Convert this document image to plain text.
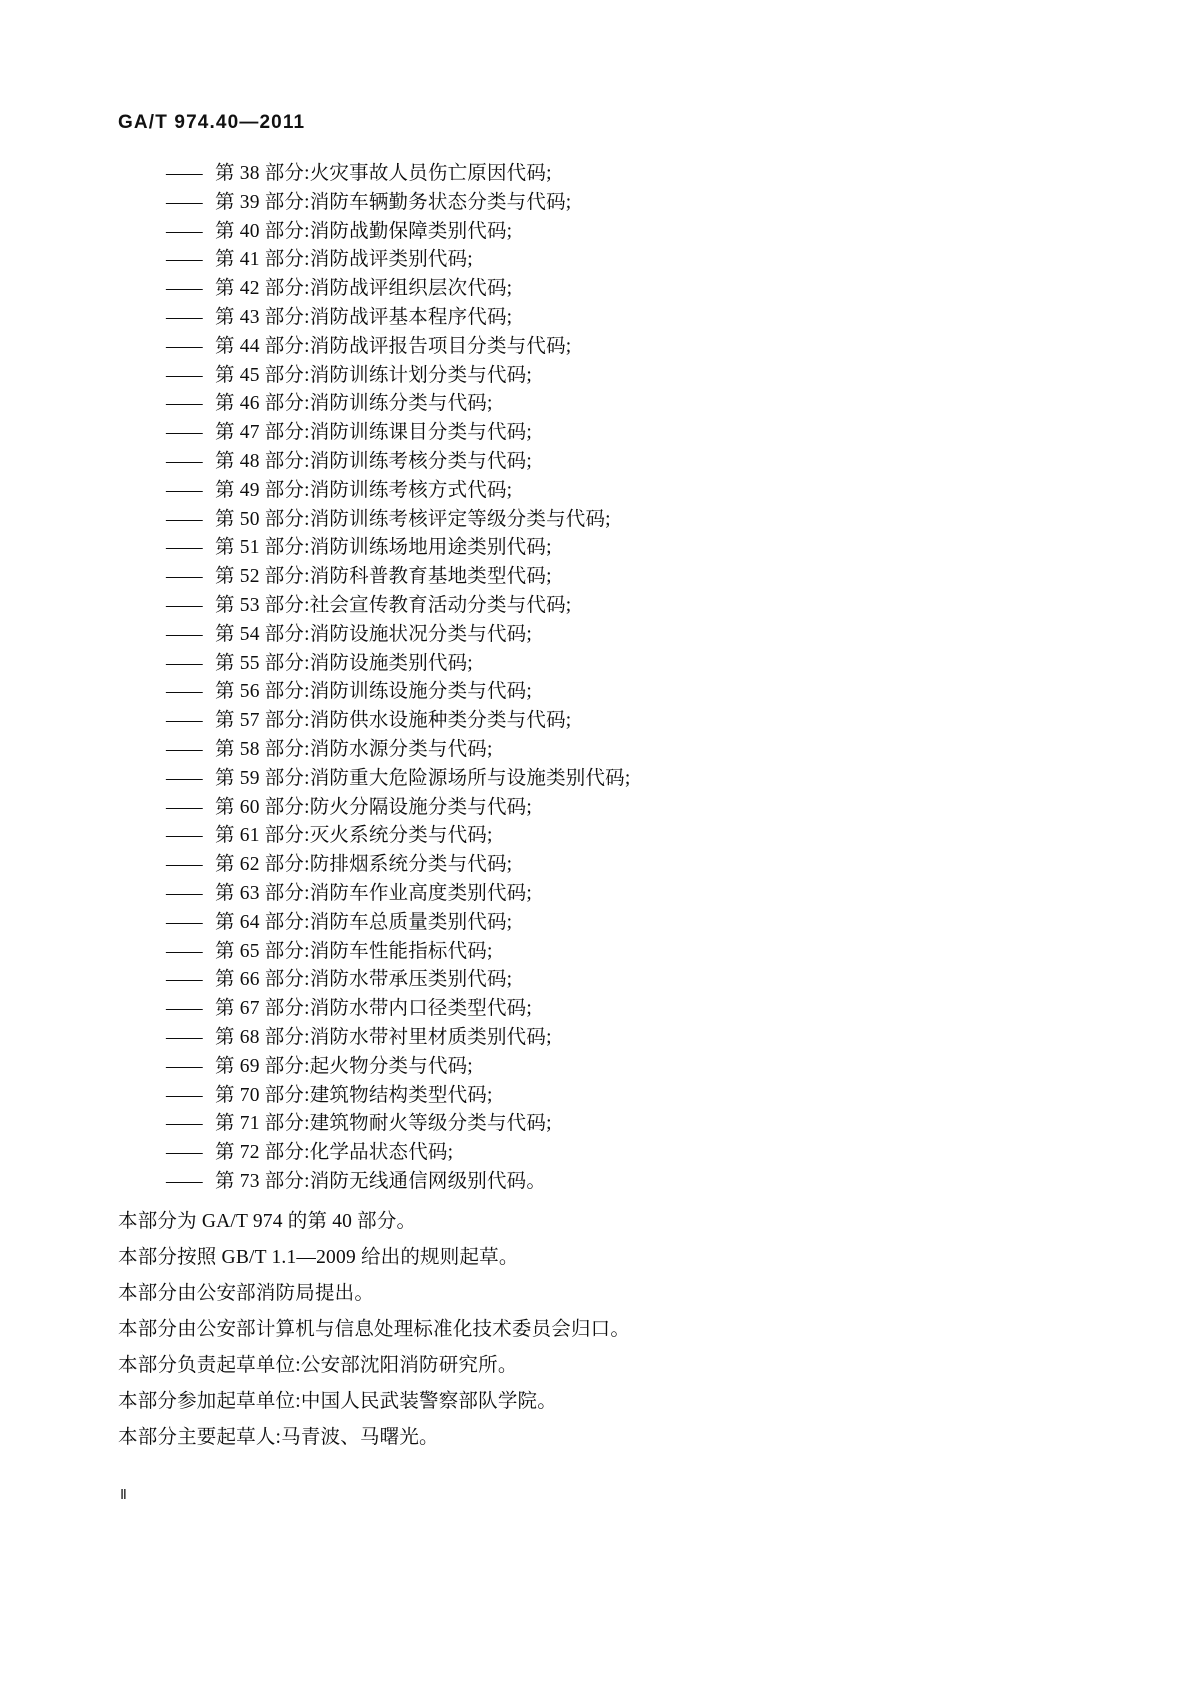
GA/T 974.40—2011
—— 第 38 部分:火灾事故人员伤亡原因代码;
—— 第 39 部分:消防车辆勤务状态分类与代码;
—— 第 40 部分:消防战勤保障类别代码;
—— 第 41 部分:消防战评类别代码;
—— 第 42 部分:消防战评组织层次代码;
—— 第 43 部分:消防战评基本程序代码;
—— 第 44 部分:消防战评报告项目分类与代码;
—— 第 45 部分:消防训练计划分类与代码;
—— 第 46 部分:消防训练分类与代码;
—— 第 47 部分:消防训练课目分类与代码;
—— 第 48 部分:消防训练考核分类与代码;
—— 第 49 部分:消防训练考核方式代码;
—— 第 50 部分:消防训练考核评定等级分类与代码;
—— 第 51 部分:消防训练场地用途类别代码;
—— 第 52 部分:消防科普教育基地类型代码;
—— 第 53 部分:社会宣传教育活动分类与代码;
—— 第 54 部分:消防设施状况分类与代码;
—— 第 55 部分:消防设施类别代码;
—— 第 56 部分:消防训练设施分类与代码;
—— 第 57 部分:消防供水设施种类分类与代码;
—— 第 58 部分:消防水源分类与代码;
—— 第 59 部分:消防重大危险源场所与设施类别代码;
—— 第 60 部分:防火分隔设施分类与代码;
—— 第 61 部分:灭火系统分类与代码;
—— 第 62 部分:防排烟系统分类与代码;
—— 第 63 部分:消防车作业高度类别代码;
—— 第 64 部分:消防车总质量类别代码;
—— 第 65 部分:消防车性能指标代码;
—— 第 66 部分:消防水带承压类别代码;
—— 第 67 部分:消防水带内口径类型代码;
—— 第 68 部分:消防水带衬里材质类别代码;
—— 第 69 部分:起火物分类与代码;
—— 第 70 部分:建筑物结构类型代码;
—— 第 71 部分:建筑物耐火等级分类与代码;
—— 第 72 部分:化学品状态代码;
—— 第 73 部分:消防无线通信网级别代码。
本部分为 GA/T 974 的第 40 部分。
本部分按照 GB/T 1.1—2009 给出的规则起草。
本部分由公安部消防局提出。
本部分由公安部计算机与信息处理标准化技术委员会归口。
本部分负责起草单位:公安部沈阳消防研究所。
本部分参加起草单位:中国人民武装警察部队学院。
本部分主要起草人:马青波、马曙光。
Ⅱ
